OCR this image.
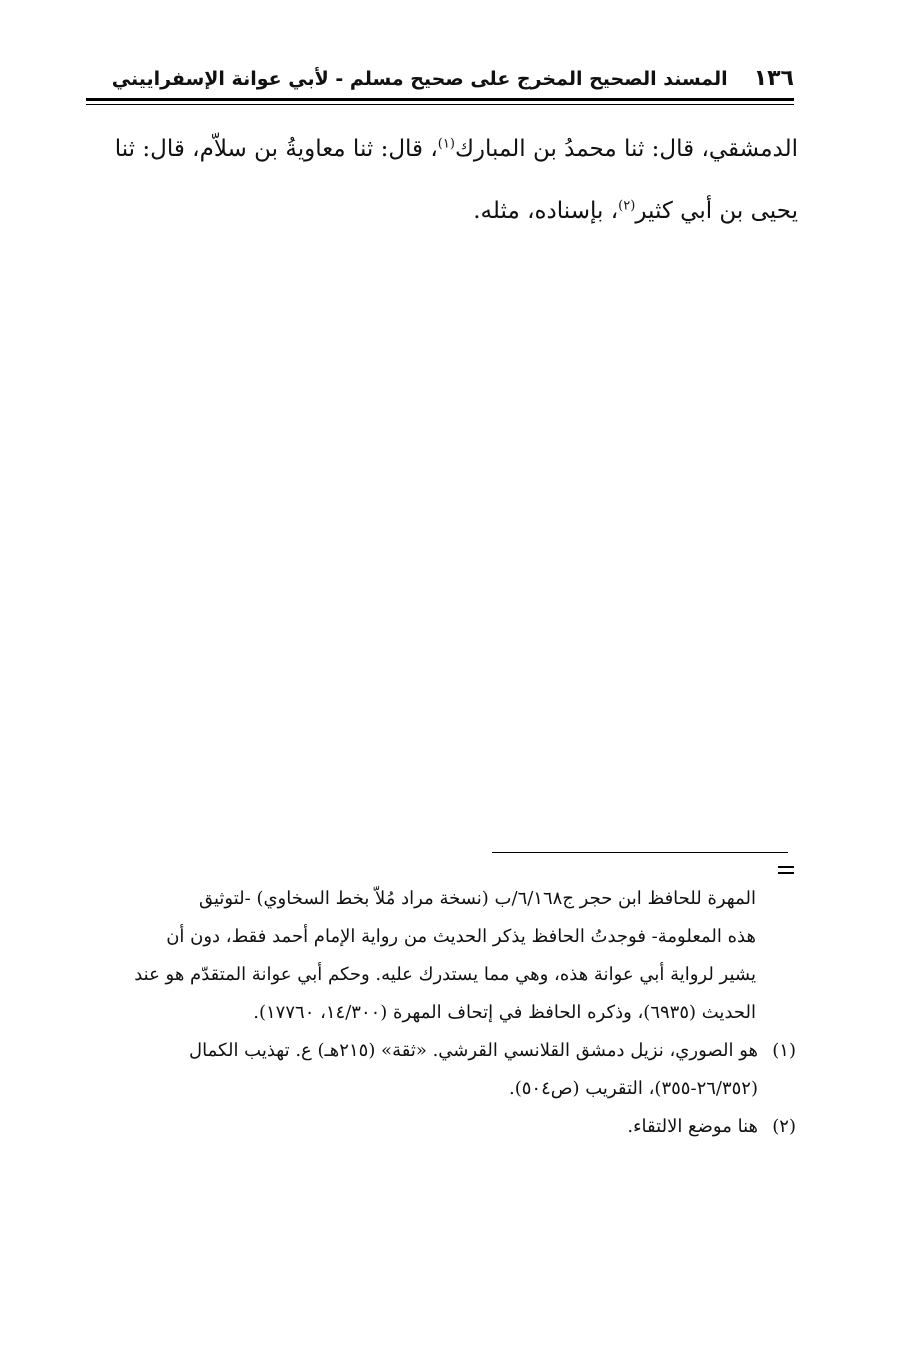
١٣٦
المسند الصحيح المخرج على صحيح مسلم - لأبي عوانة الإسفراييني

الدمشقي، قال: ثنا محمدُ بن المبارك$^{(١)}$، قال: ثنا معاويةُ بن سلاّم، قال: ثنا

يحيى بن أبي كثير$^{(٢)}$، بإسناده، مثله.

المهرة للحافظ ابن حجر ج٦/١٦٨/ب (نسخة مراد مُلاّ بخط السخاوي) -لتوثيق

هذه المعلومة- فوجدتُ الحافظ يذكر الحديث من رواية الإمام أحمد فقط، دون أن

يشير لرواية أبي عوانة هذه، وهي مما يستدرك عليه. وحكم أبي عوانة المتقدّم هو عند

الحديث (٦٩٣٥)، وذكره الحافظ في إتحاف المهرة (١٤/٣٠٠، ١٧٧٦٠).

(١)
هو الصوري، نزيل دمشق القلانسي القرشي. «ثقة» (٢١٥هـ) ع. تهذيب الكمال
(٢٦/٣٥٢-٣٥٥)، التقريب (ص٥٠٤).
(٢)
هنا موضع الالتقاء.
